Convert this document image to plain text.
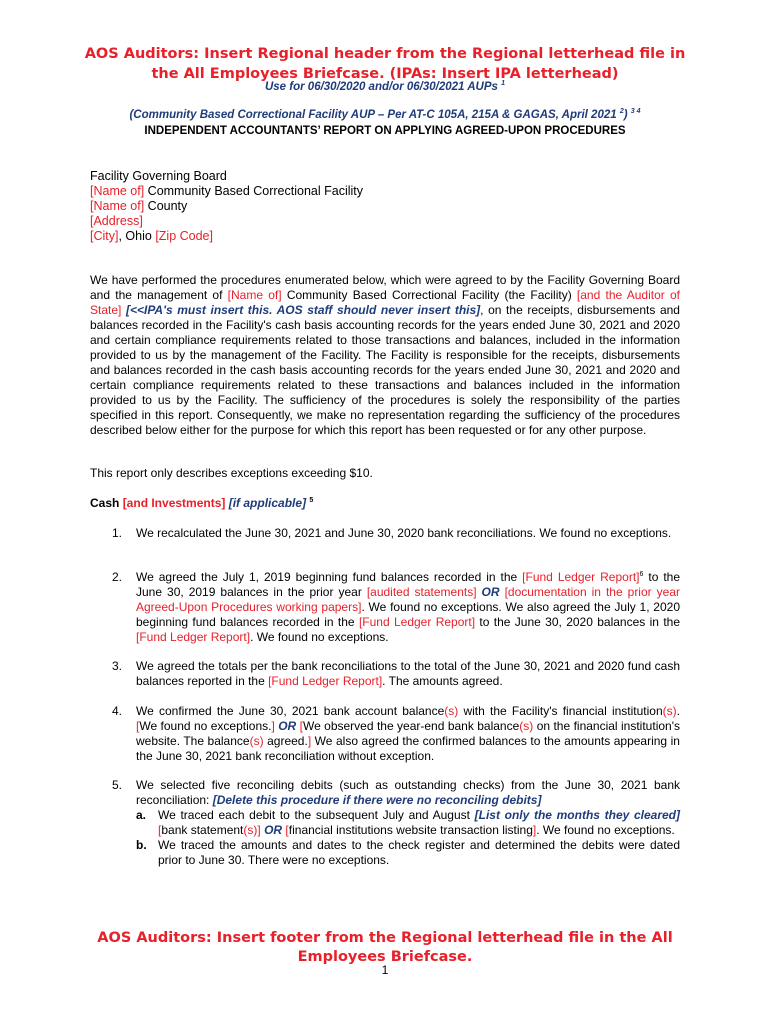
AOS Auditors: Insert Regional header from the Regional letterhead file in
the All Employees Briefcase. (IPAs: Insert IPA letterhead)
Use for 06/30/2020 and/or 06/30/2021 AUPs $^1$
(Community Based Correctional Facility AUP – Per AT-C 105A, 215A & GAGAS, April 2021 $^2$) $^{3 4}$
INDEPENDENT ACCOUNTANTS’ REPORT ON APPLYING AGREED-UPON PROCEDURES
Facility Governing Board
[Name of] Community Based Correctional Facility
[Name of] County
[Address]
[City], Ohio [Zip Code]
We have performed the procedures enumerated below, which were agreed to by the Facility Governing Board and the management of [Name of] Community Based Correctional Facility (the Facility) [and the Auditor of State] [<<IPA's must insert this. AOS staff should never insert this], on the receipts, disbursements and balances recorded in the Facility's cash basis accounting records for the years ended June 30, 2021 and 2020 and certain compliance requirements related to those transactions and balances, included in the information provided to us by the management of the Facility. The Facility is responsible for the receipts, disbursements and balances recorded in the cash basis accounting records for the years ended June 30, 2021 and 2020 and certain compliance requirements related to these transactions and balances included in the information provided to us by the Facility. The sufficiency of the procedures is solely the responsibility of the parties specified in this report. Consequently, we make no representation regarding the sufficiency of the procedures described below either for the purpose for which this report has been requested or for any other purpose.
This report only describes exceptions exceeding $10.
Cash [and Investments] [if applicable] $^5$
1. We recalculated the June 30, 2021 and June 30, 2020 bank reconciliations. We found no exceptions.
2. We agreed the July 1, 2019 beginning fund balances recorded in the [Fund Ledger Report]$^6$ to the June 30, 2019 balances in the prior year [audited statements] OR [documentation in the prior year Agreed-Upon Procedures working papers]. We found no exceptions. We also agreed the July 1, 2020 beginning fund balances recorded in the [Fund Ledger Report] to the June 30, 2020 balances in the [Fund Ledger Report]. We found no exceptions.
3. We agreed the totals per the bank reconciliations to the total of the June 30, 2021 and 2020 fund cash balances reported in the [Fund Ledger Report]. The amounts agreed.
4. We confirmed the June 30, 2021 bank account balance(s) with the Facility's financial institution(s). [We found no exceptions.] OR [We observed the year-end bank balance(s) on the financial institution's website. The balance(s) agreed.] We also agreed the confirmed balances to the amounts appearing in the June 30, 2021 bank reconciliation without exception.
5. We selected five reconciling debits (such as outstanding checks) from the June 30, 2021 bank reconciliation: [Delete this procedure if there were no reconciling debits]
a. We traced each debit to the subsequent July and August [List only the months they cleared] [bank statement(s)] OR [financial institutions website transaction listing]. We found no exceptions.
b. We traced the amounts and dates to the check register and determined the debits were dated prior to June 30. There were no exceptions.
AOS Auditors: Insert footer from the Regional letterhead file in the All
Employees Briefcase.
1
